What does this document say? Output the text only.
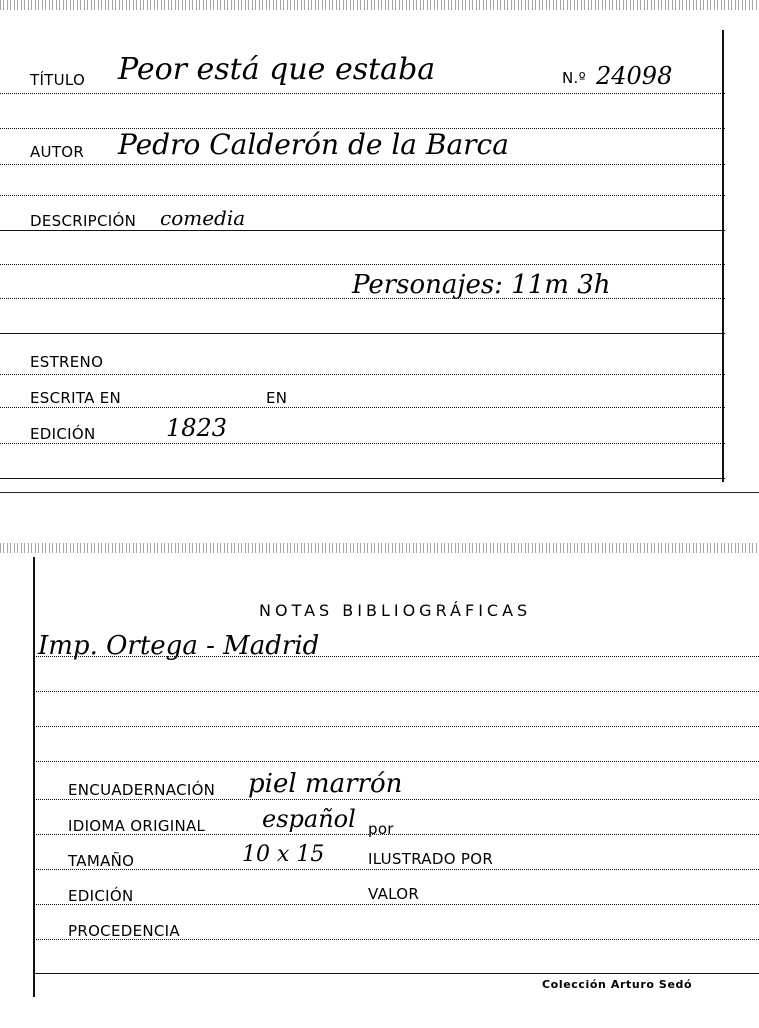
TÍTULO Peor está que estaba	N.º 24098
AUTOR Pedro Calderón de la Barca
DESCRIPCIÓN comedia
Personajes: 11m 3h
ESTRENO
ESCRITA EN	EN
EDICIÓN	1823
NOTAS BIBLIOGRÁFICAS
Imp. Ortega - Madrid
ENCUADERNACIÓN piel marrón
IDIOMA ORIGINAL español por
TAMAÑO	10 x 15	ILUSTRADO POR
EDICIÓN	VALOR
PROCEDENCIA
Colección Arturo Sedó
